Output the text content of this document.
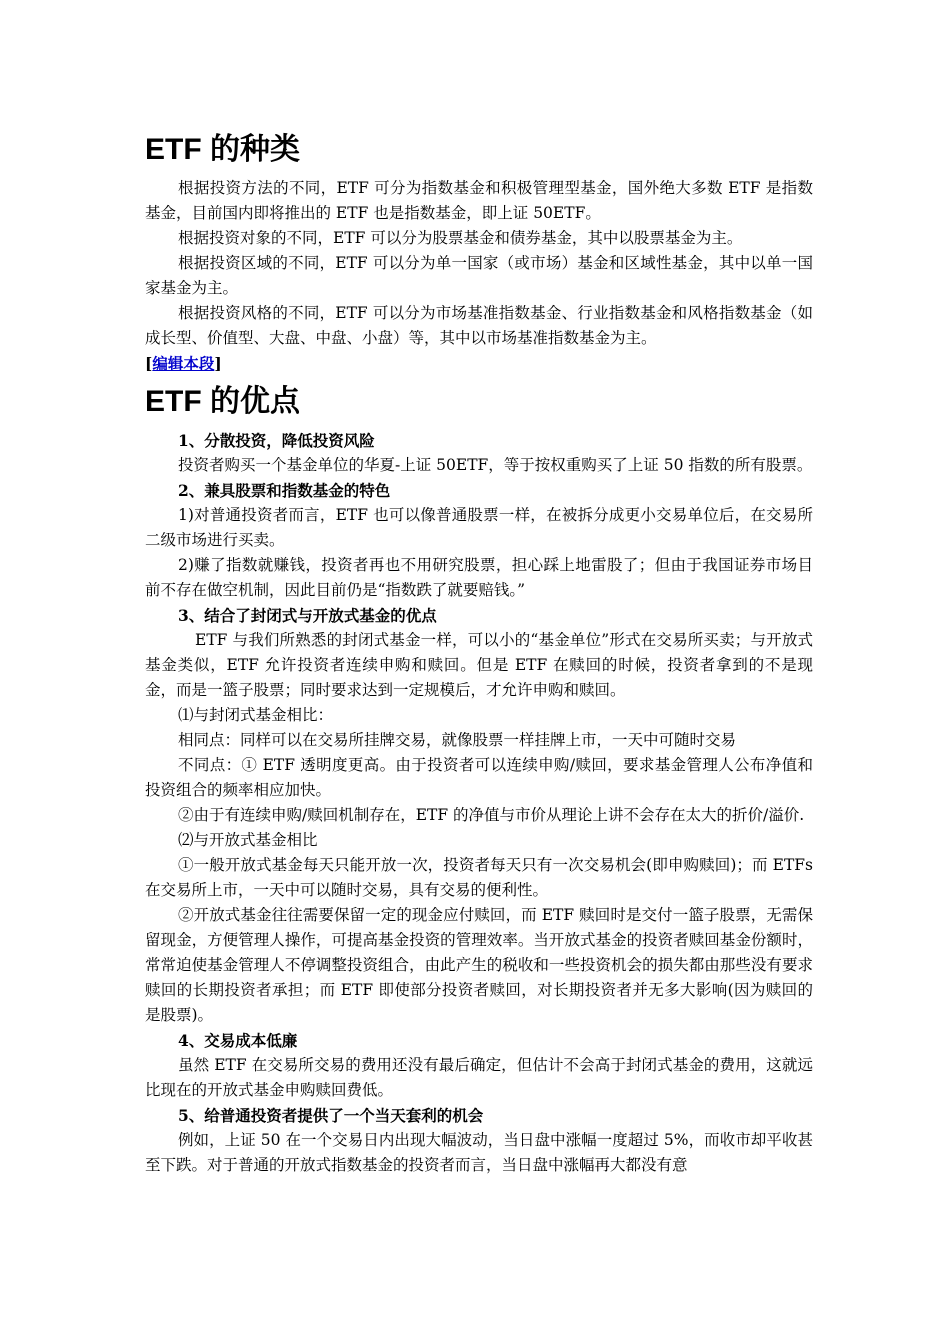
ETF 的种类

根据投资方法的不同，ETF 可分为指数基金和积极管理型基金，国外绝大多数 ETF 是指数基金，目前国内即将推出的 ETF 也是指数基金，即上证 50ETF。

根据投资对象的不同，ETF 可以分为股票基金和债券基金，其中以股票基金为主。

根据投资区域的不同，ETF 可以分为单一国家（或市场）基金和区域性基金，其中以单一国家基金为主。

根据投资风格的不同，ETF 可以分为市场基准指数基金、行业指数基金和风格指数基金（如成长型、价值型、大盘、中盘、小盘）等，其中以市场基准指数基金为主。

[编辑本段]
ETF 的优点

1、分散投资，降低投资风险

投资者购买一个基金单位的华夏-上证 50ETF，等于按权重购买了上证 50 指数的所有股票。

2、兼具股票和指数基金的特色

1)对普通投资者而言，ETF 也可以像普通股票一样，在被拆分成更小交易单位后，在交易所二级市场进行买卖。

2)赚了指数就赚钱，投资者再也不用研究股票，担心踩上地雷股了；但由于我国证券市场目前不存在做空机制，因此目前仍是“指数跌了就要赔钱。”

3、结合了封闭式与开放式基金的优点

ETF 与我们所熟悉的封闭式基金一样，可以小的“基金单位”形式在交易所买卖；与开放式基金类似，ETF 允许投资者连续申购和赎回。但是 ETF 在赎回的时候，投资者拿到的不是现金，而是一篮子股票；同时要求达到一定规模后，才允许申购和赎回。

⑴与封闭式基金相比：

相同点：同样可以在交易所挂牌交易，就像股票一样挂牌上市，一天中可随时交易

不同点：① ETF 透明度更高。由于投资者可以连续申购/赎回，要求基金管理人公布净值和投资组合的频率相应加快。

②由于有连续申购/赎回机制存在，ETF 的净值与市价从理论上讲不会存在太大的折价/溢价.

⑵与开放式基金相比

①一般开放式基金每天只能开放一次，投资者每天只有一次交易机会(即申购赎回)；而 ETFs 在交易所上市，一天中可以随时交易，具有交易的便利性。

②开放式基金往往需要保留一定的现金应付赎回，而 ETF 赎回时是交付一篮子股票，无需保留现金，方便管理人操作，可提高基金投资的管理效率。当开放式基金的投资者赎回基金份额时，常常迫使基金管理人不停调整投资组合，由此产生的税收和一些投资机会的损失都由那些没有要求赎回的长期投资者承担；而 ETF 即使部分投资者赎回，对长期投资者并无多大影响(因为赎回的是股票)。

4、交易成本低廉

虽然 ETF 在交易所交易的费用还没有最后确定，但估计不会高于封闭式基金的费用，这就远比现在的开放式基金申购赎回费低。

5、给普通投资者提供了一个当天套利的机会

例如，上证 50 在一个交易日内出现大幅波动，当日盘中涨幅一度超过 5%，而收市却平收甚至下跌。对于普通的开放式指数基金的投资者而言，当日盘中涨幅再大都没有意
